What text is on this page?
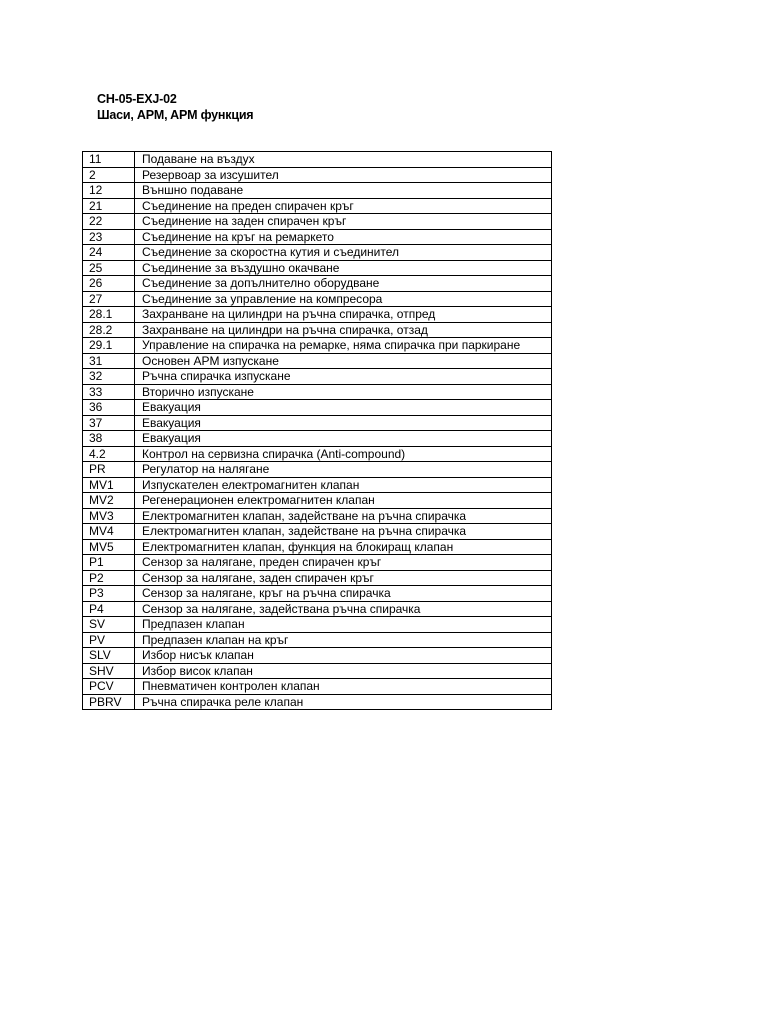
CH-05-EXJ-02
Шаси, APM, APM функция
11	Подаване на въздух
2	Резервоар за изсушител
12	Външно подаване
21	Съединение на преден спирачен кръг
22	Съединение на заден спирачен кръг
23	Съединение на кръг на ремаркето
24	Съединение за скоростна кутия и съединител
25	Съединение за въздушно окачване
26	Съединение за допълнително оборудване
27	Съединение за управление на компресора
28.1	Захранване на цилиндри на ръчна спирачка, отпред
28.2	Захранване на цилиндри на ръчна спирачка, отзад
29.1	Управление на спирачка на ремарке, няма спирачка при паркиране
31	Основен APM изпускане
32	Ръчна спирачка изпускане
33	Вторично изпускане
36	Евакуация
37	Евакуация
38	Евакуация
4.2	Контрол на сервизна спирачка (Anti-compound)
PR	Регулатор на налягане
MV1	Изпускателен електромагнитен клапан
MV2	Регенерационен електромагнитен клапан
MV3	Електромагнитен клапан, задействане на ръчна спирачка
MV4	Електромагнитен клапан, задействане на ръчна спирачка
MV5	Електромагнитен клапан, функция на блокиращ клапан
P1	Сензор за налягане, преден спирачен кръг
P2	Сензор за налягане, заден спирачен кръг
P3	Сензор за налягане, кръг на ръчна спирачка
P4	Сензор за налягане, задействана ръчна спирачка
SV	Предпазен клапан
PV	Предпазен клапан на кръг
SLV	Избор нисък клапан
SHV	Избор висок клапан
PCV	Пневматичен контролен клапан
PBRV	Ръчна спирачка реле клапан
